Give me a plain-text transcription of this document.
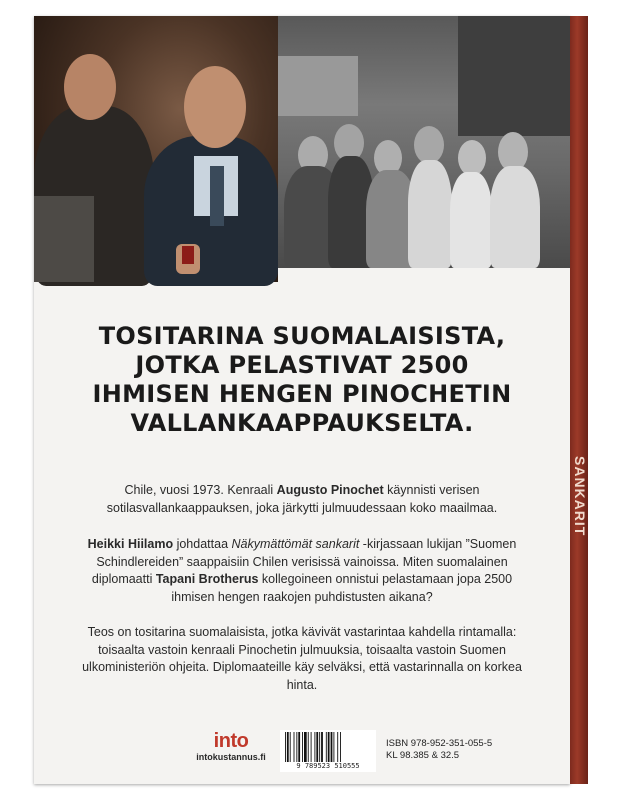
TOSITARINA SUOMALAISISTA,
JOTKA PELASTIVAT 2500
IHMISEN HENGEN PINOCHETIN
VALLANKAAPPAUKSELTA.
Chile, vuosi 1973. Kenraali Augusto Pinochet käynnisti verisen sotilasvallankaappauksen, joka järkytti julmuudessaan koko maailmaa.
Heikki Hiilamo johdattaa Näkymättömät sankarit -kirjassaan lukijan ”Suomen Schindlereiden” saappaisiin Chilen verisissä vainoissa. Miten suomalainen diplomaatti Tapani Brotherus kollegoineen onnistui pelastamaan jopa 2500 ihmisen hengen raakojen puhdistusten aikana?
Teos on tositarina suomalaisista, jotka kävivät vastarintaa kahdella rintamalla: toisaalta vastoin kenraali Pinochetin julmuuksia, toisaalta vastoin Suomen ulkoministeriön ohjeita. Diplomaateille käy selväksi, että vastarinnalla on korkea hinta.
into
intokustannus.fi
9 789523 510555
ISBN 978-952-351-055-5
KL 98.385 & 32.5
SANKARIT
